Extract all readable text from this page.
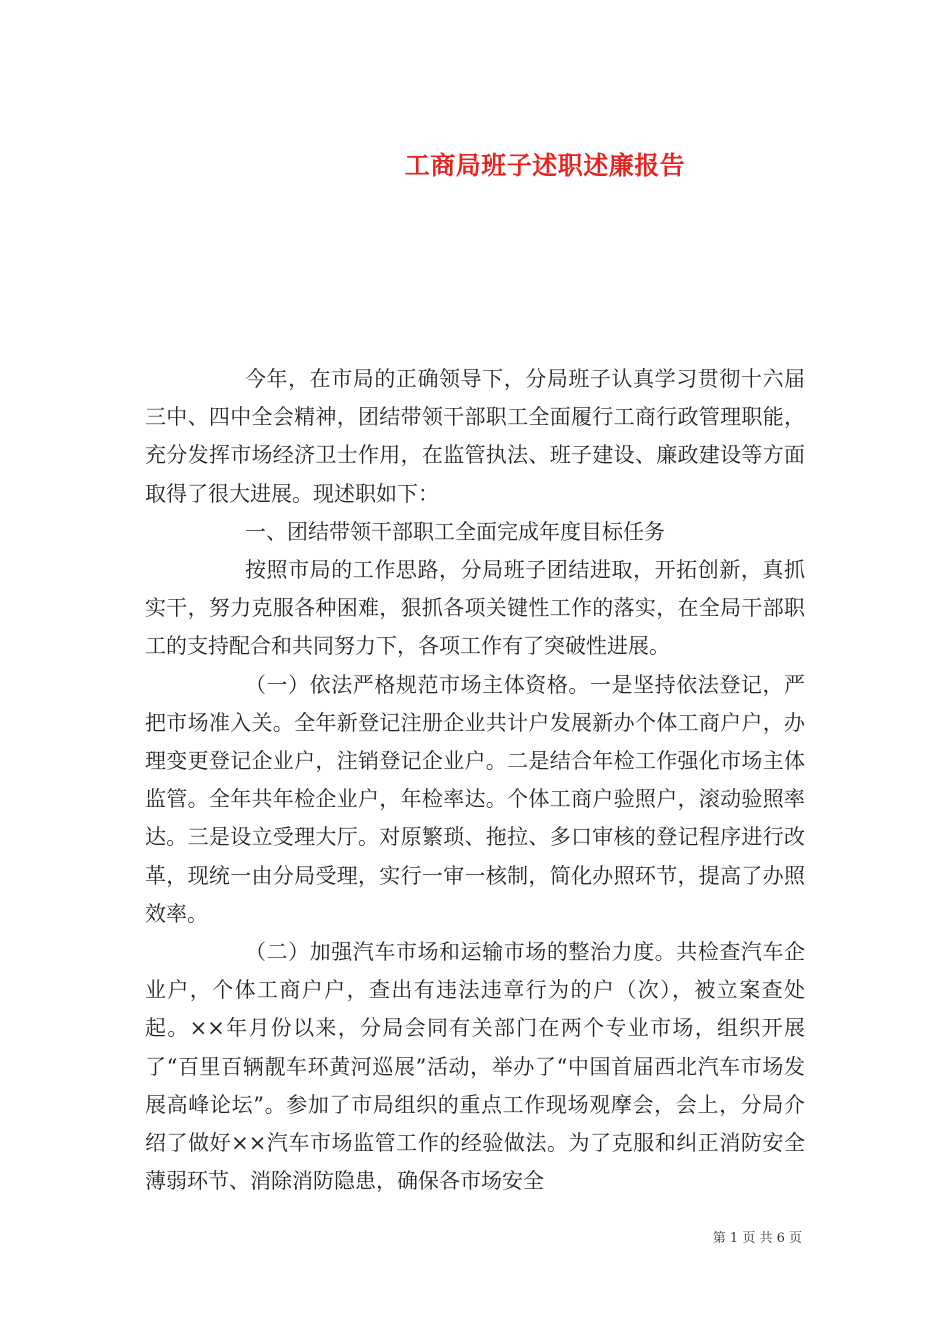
工商局班子述职述廉报告

今年，在市局的正确领导下，分局班子认真学习贯彻十六届三中、四中全会精神，团结带领干部职工全面履行工商行政管理职能，充分发挥市场经济卫士作用，在监管执法、班子建设、廉政建设等方面取得了很大进展。现述职如下：

一、团结带领干部职工全面完成年度目标任务

按照市局的工作思路，分局班子团结进取，开拓创新，真抓实干，努力克服各种困难，狠抓各项关键性工作的落实，在全局干部职工的支持配合和共同努力下，各项工作有了突破性进展。

（一）依法严格规范市场主体资格。一是坚持依法登记，严把市场准入关。全年新登记注册企业共计户发展新办个体工商户户，办理变更登记企业户，注销登记企业户。二是结合年检工作强化市场主体监管。全年共年检企业户，年检率达。个体工商户验照户，滚动验照率达。三是设立受理大厅。对原繁琐、拖拉、多口审核的登记程序进行改革，现统一由分局受理，实行一审一核制，简化办照环节，提高了办照效率。

（二）加强汽车市场和运输市场的整治力度。共检查汽车企业户，个体工商户户，查出有违法违章行为的户（次），被立案查处起。××年月份以来，分局会同有关部门在两个专业市场，组织开展了“百里百辆靓车环黄河巡展”活动，举办了“中国首届西北汽车市场发展高峰论坛”。参加了市局组织的重点工作现场观摩会，会上，分局介绍了做好××汽车市场监管工作的经验做法。为了克服和纠正消防安全薄弱环节、消除消防隐患，确保各市场安全

第 1 页 共 6 页
